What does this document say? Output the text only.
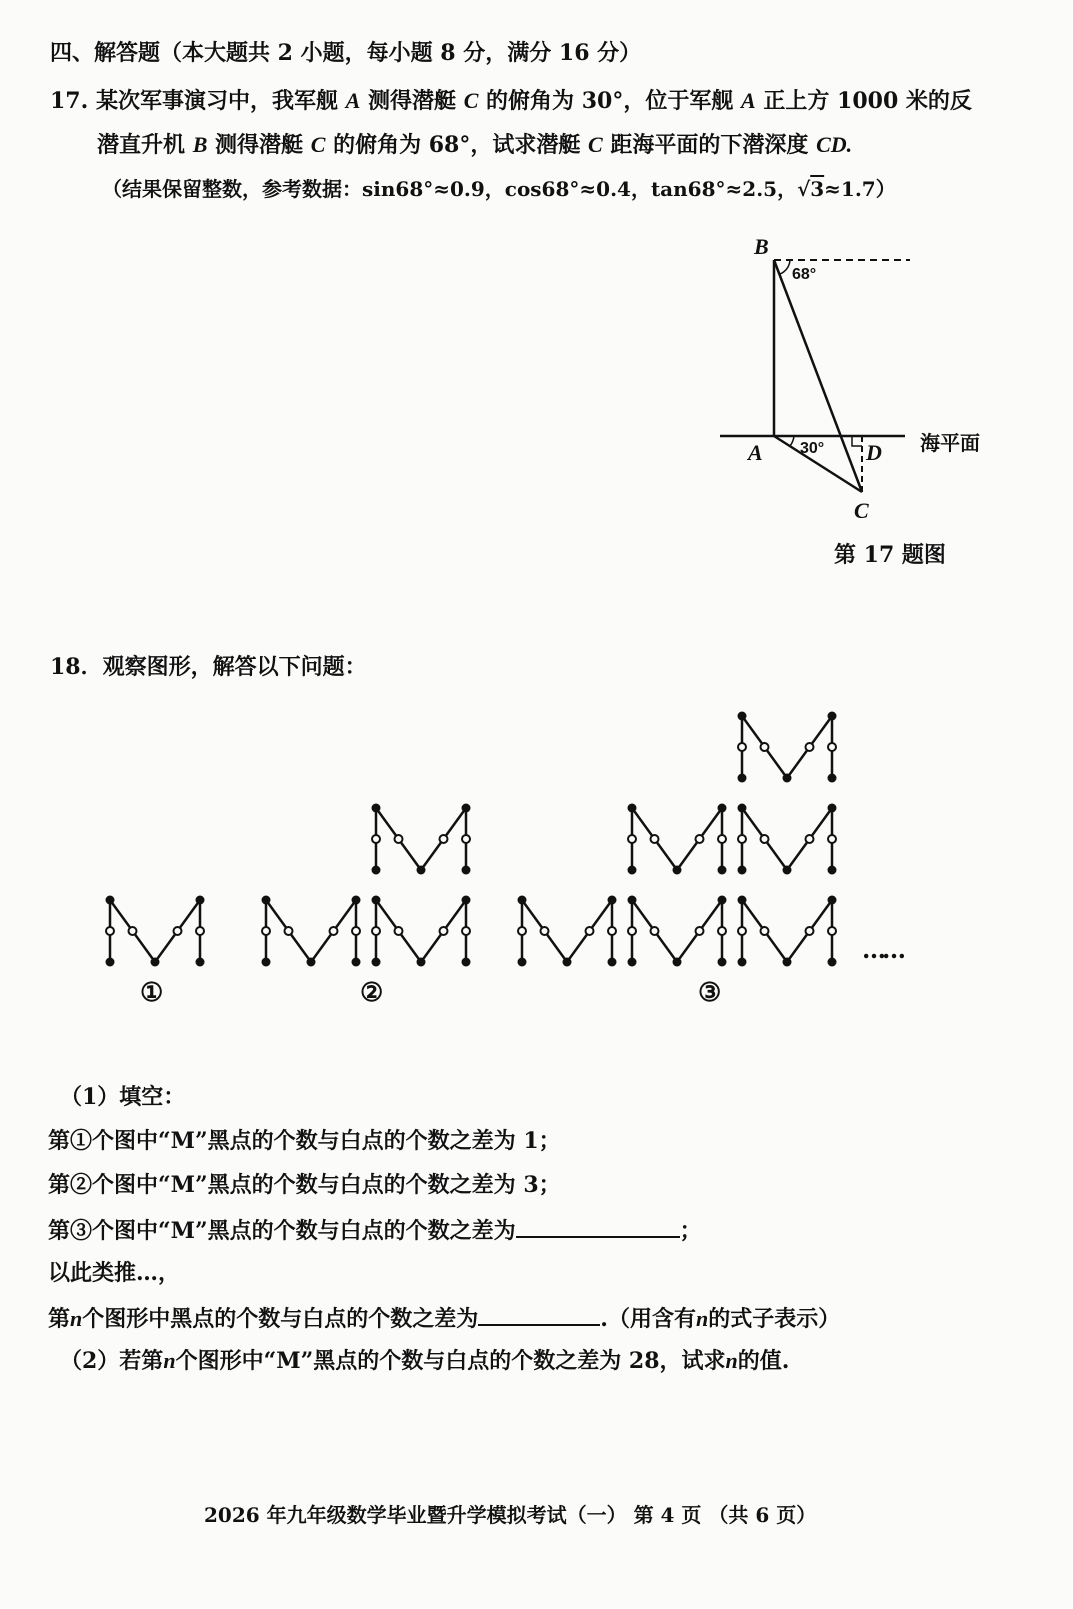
四、解答题（本大题共 2 小题，每小题 8 分，满分 16 分）
17. 某次军事演习中，我军舰 A 测得潜艇 C 的俯角为 30°，位于军舰 A 正上方 1000 米的反
潜直升机 B 测得潜艇 C 的俯角为 68°，试求潜艇 C 距海平面的下潜深度 CD.
（结果保留整数，参考数据：sin68°≈0.9，cos68°≈0.4，tan68°≈2.5，√3≈1.7）
B
68°
A 30° D 海平面
C
第 17 题图
18．观察图形，解答以下问题：
①	②	③
……
（1）填空：
第①个图中“M”黑点的个数与白点的个数之差为 1；
第②个图中“M”黑点的个数与白点的个数之差为 3；
第③个图中“M”黑点的个数与白点的个数之差为	；
以此类推…，
第n个图形中黑点的个数与白点的个数之差为	.（用含有n的式子表示）
（2）若第n个图形中“M”黑点的个数与白点的个数之差为 28，试求n的值.
2026 年九年级数学毕业暨升学模拟考试（一） 第 4 页 （共 6 页）
